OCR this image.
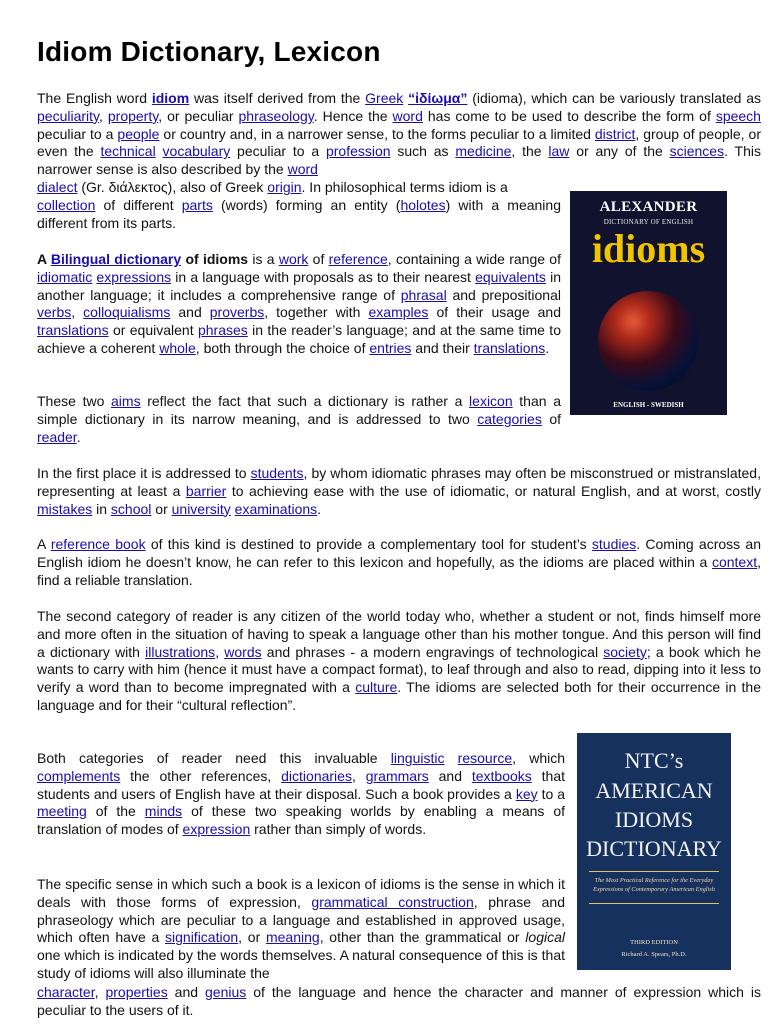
Idiom Dictionary, Lexicon

The English word idiom was itself derived from the Greek “ἰδίωμα” (idioma), which can be variously translated as peculiarity, property, or peculiar phraseology. Hence the word has come to be used to describe the form of speech peculiar to a people or country and, in a narrower sense, to the forms peculiar to a limited district, group of people, or even the technical vocabulary peculiar to a profession such as medicine, the law or any of the sciences. This narrower sense is also described by the word

dialect (Gr. διάλεκτος), also of Greek origin. In philosophical terms idiom is a

collection of different parts (words) forming an entity (holotes) with a meaning different from its parts.

ALEXANDER
DICTIONARY OF ENGLISH
idioms
ENGLISH - SWEDISH

A Bilingual dictionary of idioms is a work of reference, containing a wide range of idiomatic expressions in a language with proposals as to their nearest equivalents in another language; it includes a comprehensive range of phrasal and prepositional verbs, colloquialisms and proverbs, together with examples of their usage and translations or equivalent phrases in the reader’s language; and at the same time to achieve a coherent whole, both through the choice of entries and their translations.

These two aims reflect the fact that such a dictionary is rather a lexicon than a simple dictionary in its narrow meaning, and is addressed to two categories of reader.

In the first place it is addressed to students, by whom idiomatic phrases may often be misconstrued or mistranslated, representing at least a barrier to achieving ease with the use of idiomatic, or natural English, and at worst, costly mistakes in school or university examinations.

A reference book of this kind is destined to provide a complementary tool for student’s studies. Coming across an English idiom he doesn’t know, he can refer to this lexicon and hopefully, as the idioms are placed within a context, find a reliable translation.

The second category of reader is any citizen of the world today who, whether a student or not, finds himself more and more often in the situation of having to speak a language other than his mother tongue. And this person will find a dictionary with illustrations, words and phrases - a modern engravings of technological society; a book which he wants to carry with him (hence it must have a compact format), to leaf through and also to read, dipping into it less to verify a word than to become impregnated with a culture. The idioms are selected both for their occurrence in the language and for their “cultural reflection”.

Both categories of reader need this invaluable linguistic resource, which complements the other references, dictionaries, grammars and textbooks that students and users of English have at their disposal. Such a book provides a key to a meeting of the minds of these two speaking worlds by enabling a means of translation of modes of expression rather than simply of words.

NTC’s
AMERICAN
IDIOMS
DICTIONARY
The Most Practical Reference for the Everyday Expressions of Contemporary American English
THIRD EDITION
Richard A. Spears, Ph.D.

The specific sense in which such a book is a lexicon of idioms is the sense in which it deals with those forms of expression, grammatical construction, phrase and phraseology which are peculiar to a language and established in approved usage, which often have a signification, or meaning, other than the grammatical or logical one which is indicated by the words themselves. A natural consequence of this is that study of idioms will also illuminate the

character, properties and genius of the language and hence the character and manner of expression which is peculiar to the users of it.
